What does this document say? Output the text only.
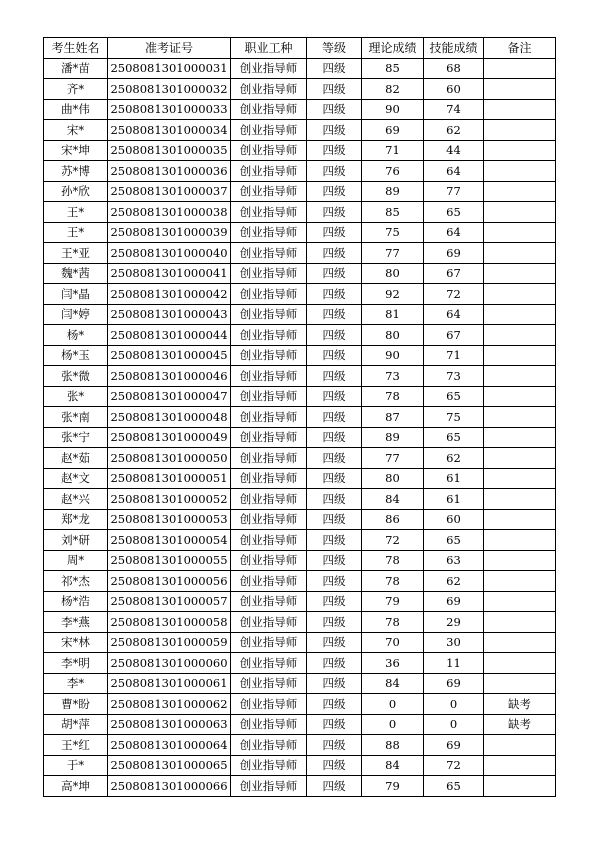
考生姓名	准考证号	职业工种	等级	理论成绩	技能成绩	备注
潘*苗	2508081301000031	创业指导师	四级	85	68	
齐*	2508081301000032	创业指导师	四级	82	60	
曲*伟	2508081301000033	创业指导师	四级	90	74	
宋*	2508081301000034	创业指导师	四级	69	62	
宋*坤	2508081301000035	创业指导师	四级	71	44	
苏*博	2508081301000036	创业指导师	四级	76	64	
孙*欣	2508081301000037	创业指导师	四级	89	77	
王*	2508081301000038	创业指导师	四级	85	65	
王*	2508081301000039	创业指导师	四级	75	64	
王*亚	2508081301000040	创业指导师	四级	77	69	
魏*茜	2508081301000041	创业指导师	四级	80	67	
闫*晶	2508081301000042	创业指导师	四级	92	72	
闫*婷	2508081301000043	创业指导师	四级	81	64	
杨*	2508081301000044	创业指导师	四级	80	67	
杨*玉	2508081301000045	创业指导师	四级	90	71	
张*微	2508081301000046	创业指导师	四级	73	73	
张*	2508081301000047	创业指导师	四级	78	65	
张*南	2508081301000048	创业指导师	四级	87	75	
张*宁	2508081301000049	创业指导师	四级	89	65	
赵*茹	2508081301000050	创业指导师	四级	77	62	
赵*文	2508081301000051	创业指导师	四级	80	61	
赵*兴	2508081301000052	创业指导师	四级	84	61	
郑*龙	2508081301000053	创业指导师	四级	86	60	
刘*研	2508081301000054	创业指导师	四级	72	65	
周*	2508081301000055	创业指导师	四级	78	63	
祁*杰	2508081301000056	创业指导师	四级	78	62	
杨*浩	2508081301000057	创业指导师	四级	79	69	
李*燕	2508081301000058	创业指导师	四级	78	29	
宋*林	2508081301000059	创业指导师	四级	70	30	
李*明	2508081301000060	创业指导师	四级	36	11	
李*	2508081301000061	创业指导师	四级	84	69	
曹*盼	2508081301000062	创业指导师	四级	0	0	缺考
胡*萍	2508081301000063	创业指导师	四级	0	0	缺考
王*红	2508081301000064	创业指导师	四级	88	69	
于*	2508081301000065	创业指导师	四级	84	72	
高*坤	2508081301000066	创业指导师	四级	79	65	
